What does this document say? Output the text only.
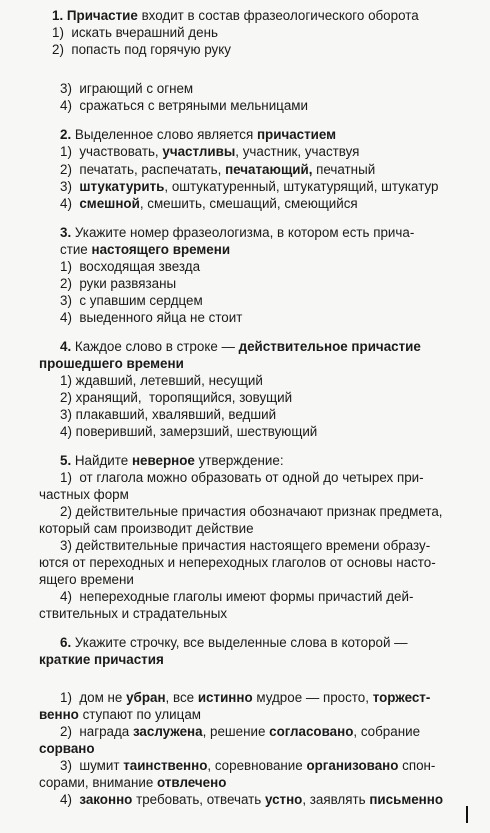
1. Причастие входит в состав фразеологического оборота
1)  искать вчерашний день
2)  попасть под горячую руку
3)  играющий с огнем
4)  сражаться с ветряными мельницами
2. Выделенное слово является причастием
1)  участвовать, участливы, участник, участвуя
2)  печатать, распечатать, печатающий, печатный
3)  штукатурить, оштукатуренный, штукатурящий, штукатур
4)  смешной, смешить, смешащий, смеющийся
3. Укажите номер фразеологизма, в котором есть прича-
стие настоящего времени
1)  восходящая звезда
2)  руки развязаны
3)  с упавшим сердцем
4)  выеденного яйца не стоит
4. Каждое слово в строке — действительное причастие
прошедшего времени
1) ждавший, летевший, несущий
2) хранящий,  торопящийся, зовущий
3) плакавший, хвалявший, ведший
4) поверивший, замерзший, шествующий
5. Найдите неверное утверждение:
1)  от глагола можно образовать от одной до четырех при-
частных форм
2) действительные причастия обозначают признак предмета,
который сам производит действие
3) действительные причастия настоящего времени образу-
ются от переходных и непереходных глаголов от основы насто-
ящего времени
4)  непереходные глаголы имеют формы причастий дей-
ствительных и страдательных
6. Укажите строчку, все выделенные слова в которой —
краткие причастия
1)  дом не убран, все истинно мудрое — просто, торжест-
венно ступают по улицам
2)  награда заслужена, решение согласовано, собрание
сорвано
3)  шумит таинственно, соревнование организовано спон-
сорами, внимание отвлечено
4)  законно требовать, отвечать устно, заявлять письменно
